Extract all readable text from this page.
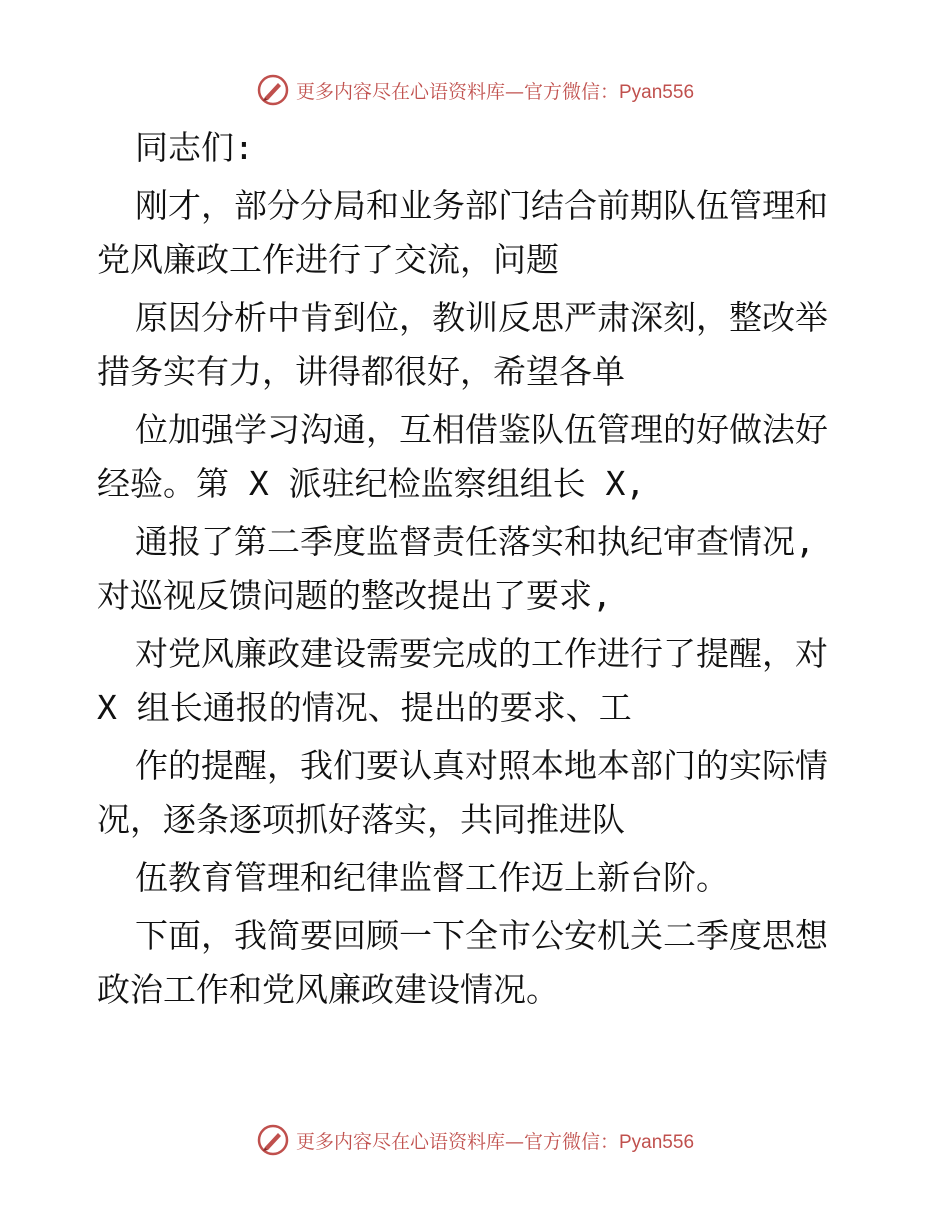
更多内容尽在心语资料库—官方微信：Pyan556
同志们:
刚才，部分分局和业务部门结合前期队伍管理和
党风廉政工作进行了交流，问题
原因分析中肯到位，教训反思严肃深刻，整改举
措务实有力，讲得都很好，希望各单
位加强学习沟通，互相借鉴队伍管理的好做法好
经验。第 X 派驻纪检监察组组长 X,
通报了第二季度监督责任落实和执纪审查情况,
对巡视反馈问题的整改提出了要求,
对党风廉政建设需要完成的工作进行了提醒，对
X 组长通报的情况、提出的要求、工
作的提醒，我们要认真对照本地本部门的实际情
况，逐条逐项抓好落实，共同推进队
伍教育管理和纪律监督工作迈上新台阶。
下面，我简要回顾一下全市公安机关二季度思想
政治工作和党风廉政建设情况。
更多内容尽在心语资料库—官方微信：Pyan556
